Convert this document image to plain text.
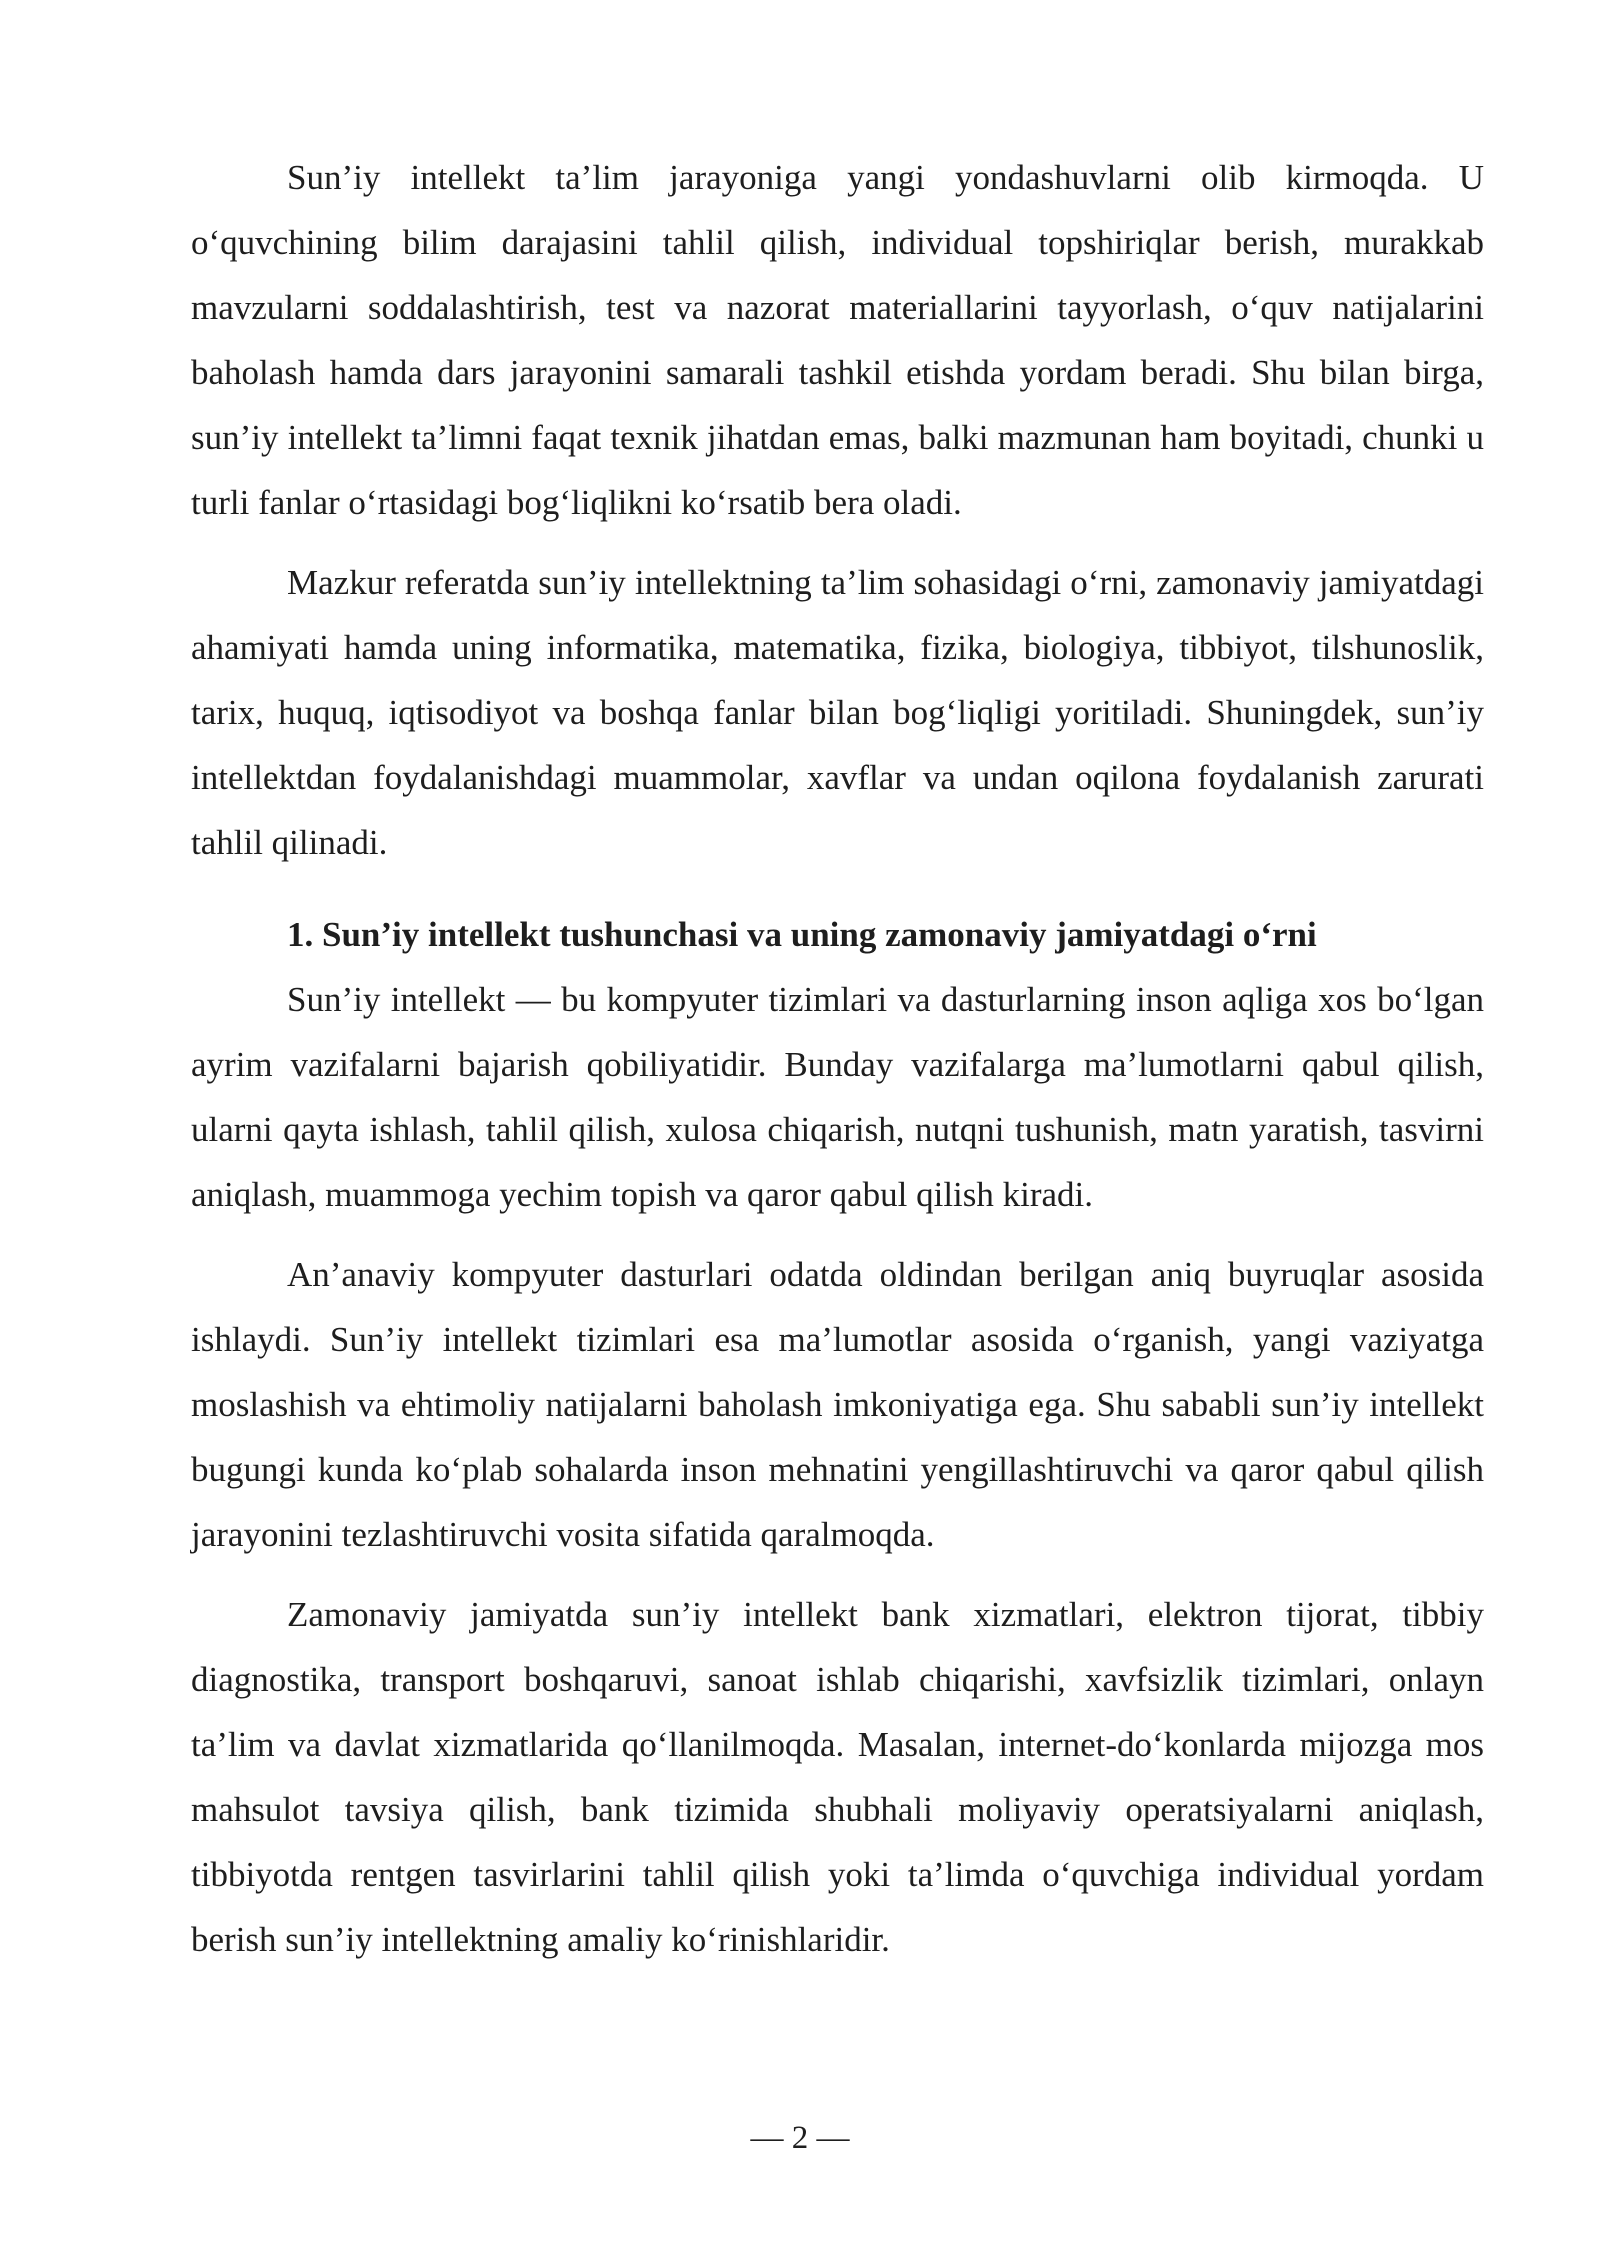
Sun’iy intellekt ta’lim jarayoniga yangi yondashuvlarni olib kirmoqda. U o‘quvchining bilim darajasini tahlil qilish, individual topshiriqlar berish, murakkab mavzularni soddalashtirish, test va nazorat materiallarini tayyorlash, o‘quv natijalarini baholash hamda dars jarayonini samarali tashkil etishda yordam beradi. Shu bilan birga, sun’iy intellekt ta’limni faqat texnik jihatdan emas, balki mazmunan ham boyitadi, chunki u turli fanlar o‘rtasidagi bog‘liqlikni ko‘rsatib bera oladi.

Mazkur referatda sun’iy intellektning ta’lim sohasidagi o‘rni, zamonaviy jamiyatdagi ahamiyati hamda uning informatika, matematika, fizika, biologiya, tibbiyot, tilshunoslik, tarix, huquq, iqtisodiyot va boshqa fanlar bilan bog‘liqligi yoritiladi. Shuningdek, sun’iy intellektdan foydalanishdagi muammolar, xavflar va undan oqilona foydalanish zarurati tahlil qilinadi.

1. Sun’iy intellekt tushunchasi va uning zamonaviy jamiyatdagi o‘rni

Sun’iy intellekt — bu kompyuter tizimlari va dasturlarning inson aqliga xos bo‘lgan ayrim vazifalarni bajarish qobiliyatidir. Bunday vazifalarga ma’lumotlarni qabul qilish, ularni qayta ishlash, tahlil qilish, xulosa chiqarish, nutqni tushunish, matn yaratish, tasvirni aniqlash, muammoga yechim topish va qaror qabul qilish kiradi.

An’anaviy kompyuter dasturlari odatda oldindan berilgan aniq buyruqlar asosida ishlaydi. Sun’iy intellekt tizimlari esa ma’lumotlar asosida o‘rganish, yangi vaziyatga moslashish va ehtimoliy natijalarni baholash imkoniyatiga ega. Shu sababli sun’iy intellekt bugungi kunda ko‘plab sohalarda inson mehnatini yengillashtiruvchi va qaror qabul qilish jarayonini tezlashtiruvchi vosita sifatida qaralmoqda.

Zamonaviy jamiyatda sun’iy intellekt bank xizmatlari, elektron tijorat, tibbiy diagnostika, transport boshqaruvi, sanoat ishlab chiqarishi, xavfsizlik tizimlari, onlayn ta’lim va davlat xizmatlarida qo‘llanilmoqda. Masalan, internet-do‘konlarda mijozga mos mahsulot tavsiya qilish, bank tizimida shubhali moliyaviy operatsiyalarni aniqlash, tibbiyotda rentgen tasvirlarini tahlil qilish yoki ta’limda o‘quvchiga individual yordam berish sun’iy intellektning amaliy ko‘rinishlaridir.

— 2 —
